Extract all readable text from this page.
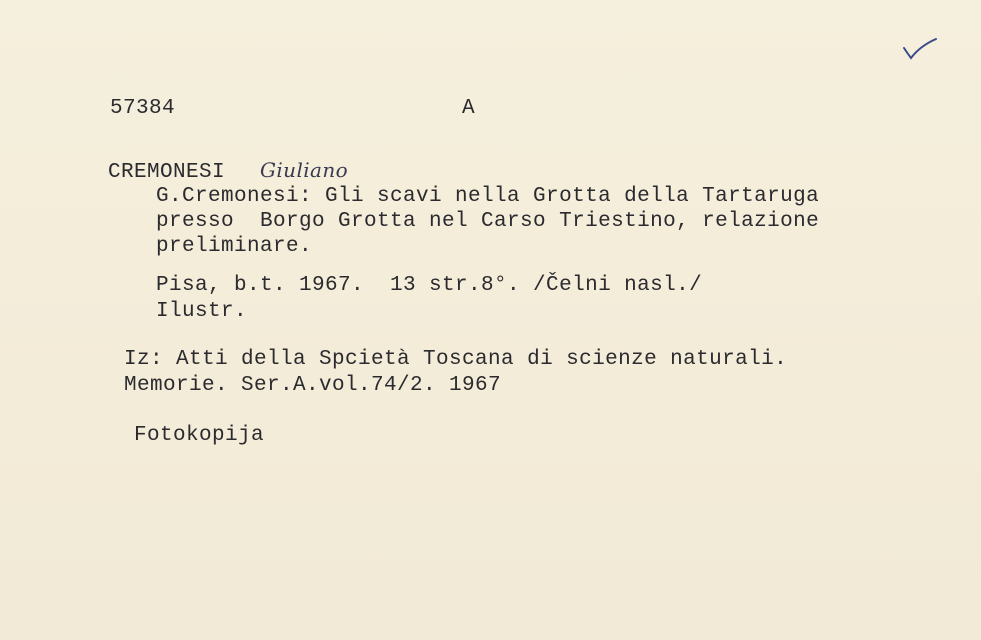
57384	A
CREMONESI Giuliano
G.Cremonesi: Gli scavi nella Grotta della Tartaruga
presso  Borgo Grotta nel Carso Triestino, relazione
preliminare.
Pisa, b.t. 1967.  13 str.8°. /Čelni nasl./
Ilustr.
Iz: Atti della Spcietà Toscana di scienze naturali.
Memorie. Ser.A.vol.74/2. 1967
Fotokopija
